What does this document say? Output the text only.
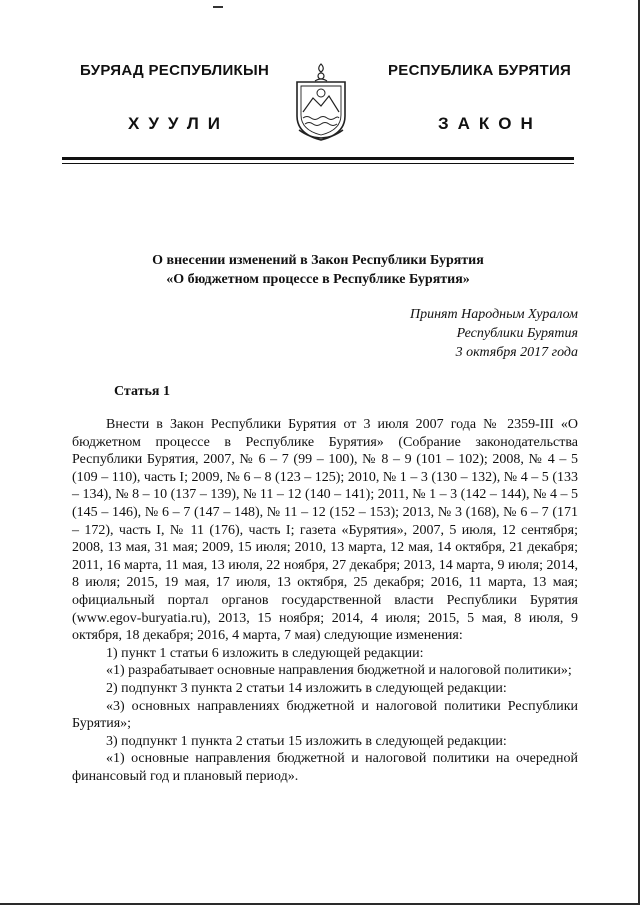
БУРЯАД РЕСПУБЛИКЫН	РЕСПУБЛИКА БУРЯТИЯ
ХУУЛИ	ЗАКОН
О внесении изменений в Закон Республики Бурятия
«О бюджетном процессе в Республике Бурятия»
Принят Народным Хуралом
Республики Бурятия
3 октября 2017 года
Статья 1

Внести в Закон Республики Бурятия от 3 июля 2007 года № 2359-III «О бюджетном процессе в Республике Бурятия» (Собрание законодательства Республики Бурятия, 2007, № 6 – 7 (99 – 100), № 8 – 9 (101 – 102); 2008, № 4 – 5 (109 – 110), часть I; 2009, № 6 – 8 (123 – 125); 2010, № 1 – 3 (130 – 132), № 4 – 5 (133 – 134), № 8 – 10 (137 – 139), № 11 – 12 (140 – 141); 2011, № 1 – 3 (142 – 144), № 4 – 5 (145 – 146), № 6 – 7 (147 – 148), № 11 – 12 (152 – 153); 2013, № 3 (168), № 6 – 7 (171 – 172), часть I, № 11 (176), часть I; газета «Бурятия», 2007, 5 июля, 12 сентября; 2008, 13 мая, 31 мая; 2009, 15 июля; 2010, 13 марта, 12 мая, 14 октября, 21 декабря; 2011, 16 марта, 11 мая, 13 июля, 22 ноября, 27 декабря; 2013, 14 марта, 9 июля; 2014, 8 июля; 2015, 19 мая, 17 июля, 13 октября, 25 декабря; 2016, 11 марта, 13 мая; официальный портал органов государственной власти Республики Бурятия (www.egov-buryatia.ru), 2013, 15 ноября; 2014, 4 июля; 2015, 5 мая, 8 июля, 9 октября, 18 декабря; 2016, 4 марта, 7 мая) следующие изменения:

1) пункт 1 статьи 6 изложить в следующей редакции:

«1) разрабатывает основные направления бюджетной и налоговой политики»;

2) подпункт 3 пункта 2 статьи 14 изложить в следующей редакции:

«3) основных направлениях бюджетной и налоговой политики Республики Бурятия»;

3) подпункт 1 пункта 2 статьи 15 изложить в следующей редакции:

«1) основные направления бюджетной и налоговой политики на очередной финансовый год и плановый период».
